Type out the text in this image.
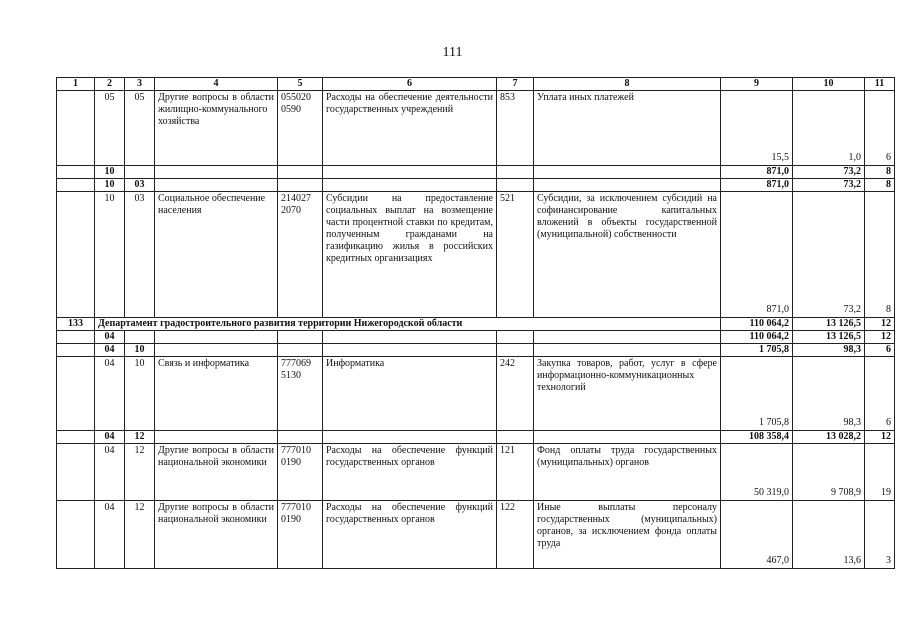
111
1	2	3	4	5	6	7	8	9	10	11
	05	05	Другие вопросы в области жилищно-коммунального хозяйства	055020 0590	Расходы на обеспечение деятельности государственных учреждений	853	Уплата иных платежей	15,5	1,0	6
	10							871,0	73,2	8
	10	03						871,0	73,2	8
	10	03	Социальное обеспечение населения	214027 2070	Субсидии на предоставление социальных выплат на возмещение части процентной ставки по кредитам, полученным гражданами на газификацию жилья в российских кредитных организациях	521	Субсидии, за исключением субсидий на софинансирование капитальных вложений в объекты государственной (муниципальной) собственности	871,0	73,2	8
133	Департамент градостроительного развития территории Нижегородской области							110 064,2	13 126,5	12
	04							110 064,2	13 126,5	12
	04	10						1 705,8	98,3	6
	04	10	Связь и информатика	777069 5130	Информатика	242	Закупка товаров, работ, услуг в сфере информационно-коммуникационных технологий	1 705,8	98,3	6
	04	12						108 358,4	13 028,2	12
	04	12	Другие вопросы в области национальной экономики	777010 0190	Расходы на обеспечение функций государственных органов	121	Фонд оплаты труда государственных (муниципальных) органов	50 319,0	9 708,9	19
	04	12	Другие вопросы в области национальной экономики	777010 0190	Расходы на обеспечение функций государственных органов	122	Иные выплаты персоналу государственных (муниципальных) органов, за исключением фонда оплаты труда	467,0	13,6	3
